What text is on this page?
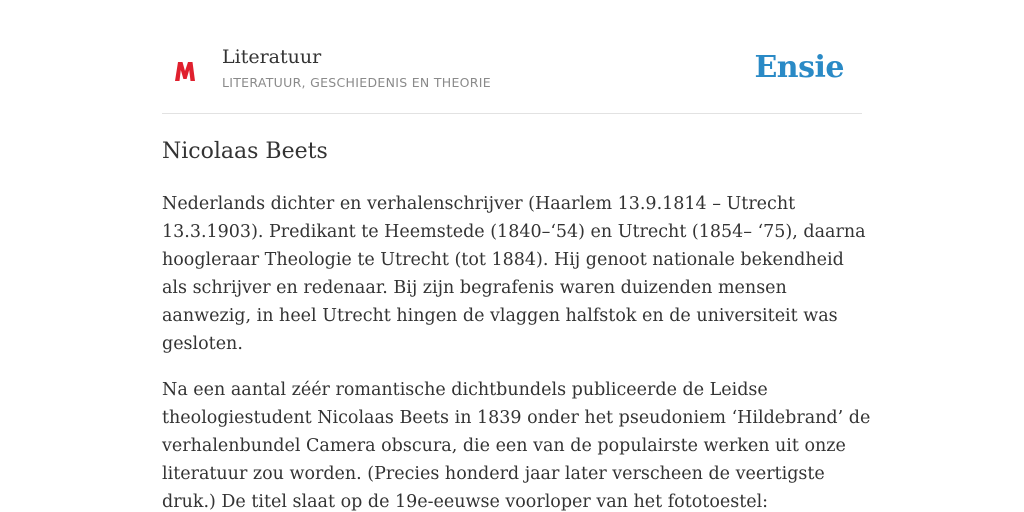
Literatuur
LITERATUUR, GESCHIEDENIS EN THEORIE	Ensie
Nicolaas Beets

Nederlands dichter en verhalenschrijver (Haarlem 13.9.1814 – Utrecht 13.3.1903). Predikant te Heemstede (1840–‘54) en Utrecht (1854– ‘75), daarna hoogleraar Theologie te Utrecht (tot 1884). Hij genoot nationale bekendheid als schrijver en redenaar. Bij zijn begrafenis waren duizenden mensen aanwezig, in heel Utrecht hingen de vlaggen halfstok en de universiteit was gesloten.

Na een aantal zéér romantische dichtbundels publiceerde de Leidse theologiestudent Nicolaas Beets in 1839 onder het pseudoniem ‘Hildebrand’ de verhalenbundel Camera obscura, die een van de populairste werken uit onze literatuur zou worden. (Precies honderd jaar later verscheen de veertigste druk.) De titel slaat op de 19e-eeuwse voorloper van het fototoestel:
